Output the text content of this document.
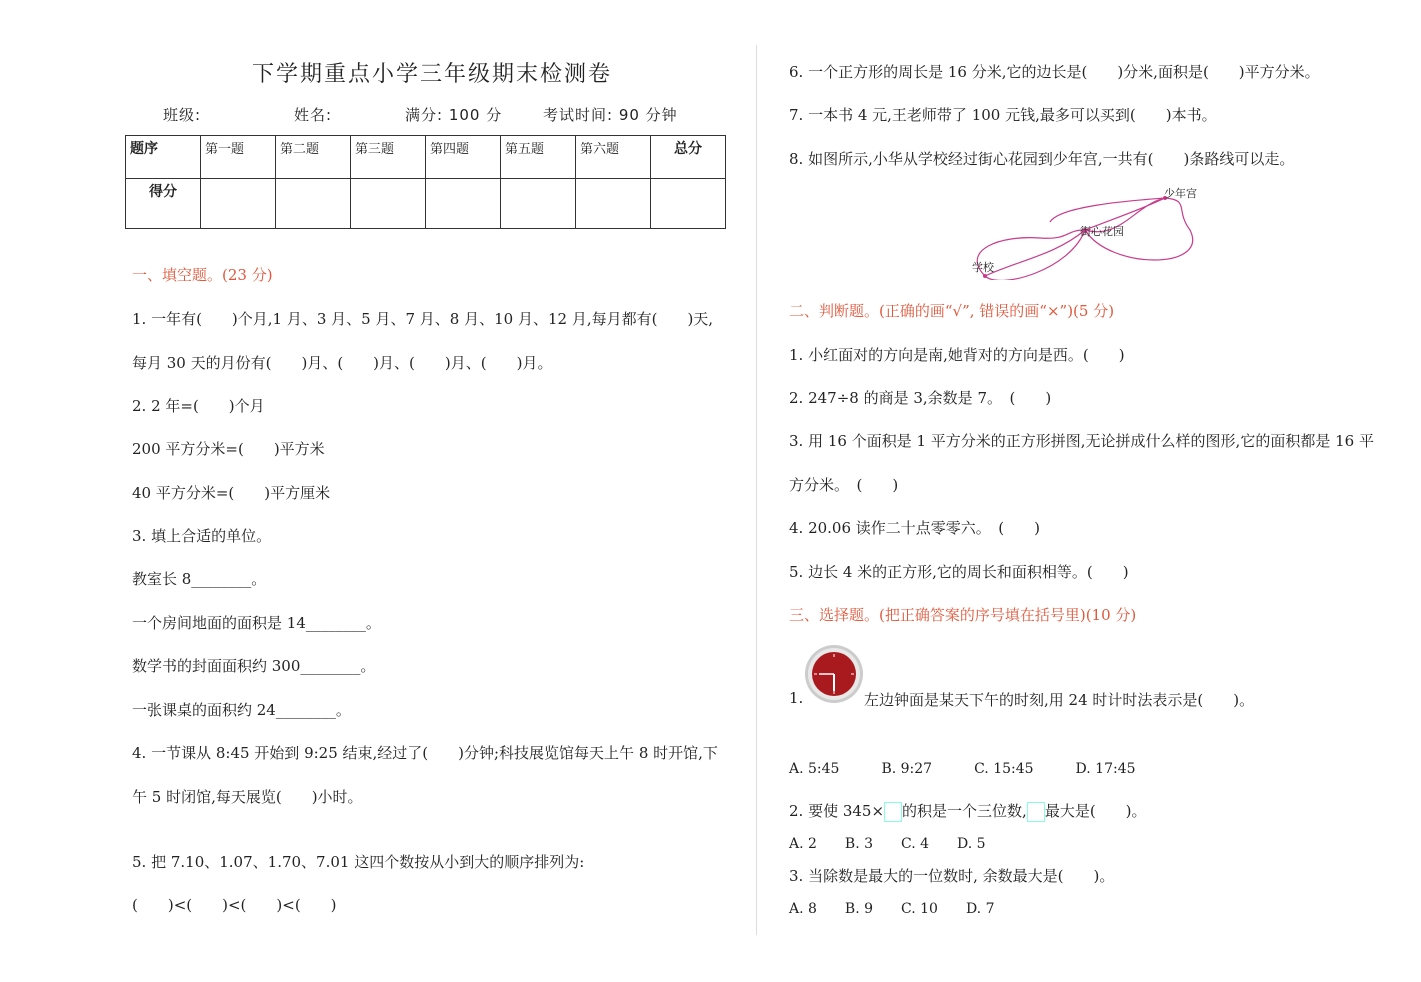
下学期重点小学三年级期末检测卷
班级:	姓名:	满分: 100 分	考试时间: 90 分钟
题序	第一题	第二题	第三题	第四题	第五题	第六题	总分
得分							
一、填空题。(23 分)
1. 一年有(　　)个月,1 月、3 月、5 月、7 月、8 月、10 月、12 月,每月都有(　　)天,
每月 30 天的月份有(　　)月、(　　)月、(　　)月、(　　)月。
2. 2 年=(　　)个月
200 平方分米=(　　)平方米
40 平方分米=(　　)平方厘米
3. 填上合适的单位。
教室长 8________。
一个房间地面的面积是 14________。
数学书的封面面积约 300________。
一张课桌的面积约 24________。
4. 一节课从 8:45 开始到 9:25 结束,经过了(　　)分钟;科技展览馆每天上午 8 时开馆,下
午 5 时闭馆,每天展览(　　)小时。
5. 把 7.10、1.07、1.70、7.01 这四个数按从小到大的顺序排列为:
(　　)<(　　)<(　　)<(　　)
6. 一个正方形的周长是 16 分米,它的边长是(　　)分米,面积是(　　)平方分米。
7. 一本书 4 元,王老师带了 100 元钱,最多可以买到(　　)本书。
8. 如图所示,小华从学校经过街心花园到少年宫,一共有(　　)条路线可以走。
学校
街心花园
少年宫
二、判断题。(正确的画“√”, 错误的画“×”)(5 分)
1. 小红面对的方向是南,她背对的方向是西。(　　)
2. 247÷8 的商是 3,余数是 7。　(　　)
3. 用 16 个面积是 1 平方分米的正方形拼图,无论拼成什么样的图形,它的面积都是 16 平
方分米。　(　　)
4. 20.06 读作二十点零零六。　(　　)
5. 边长 4 米的正方形,它的周长和面积相等。(　　)
三、选择题。(把正确答案的序号填在括号里)(10 分)
1.	左边钟面是某天下午的时刻,用 24 时计时法表示是(　　)。
A. 5:45　　　B. 9:27　　　C. 15:45　　　D. 17:45
2. 要使 345× 的积是一个三位数, 最大是(　　)。
A. 2　　B. 3　　C. 4　　D. 5
3. 当除数是最大的一位数时, 余数最大是(　　)。
A. 8　　B. 9　　C. 10　　D. 7
